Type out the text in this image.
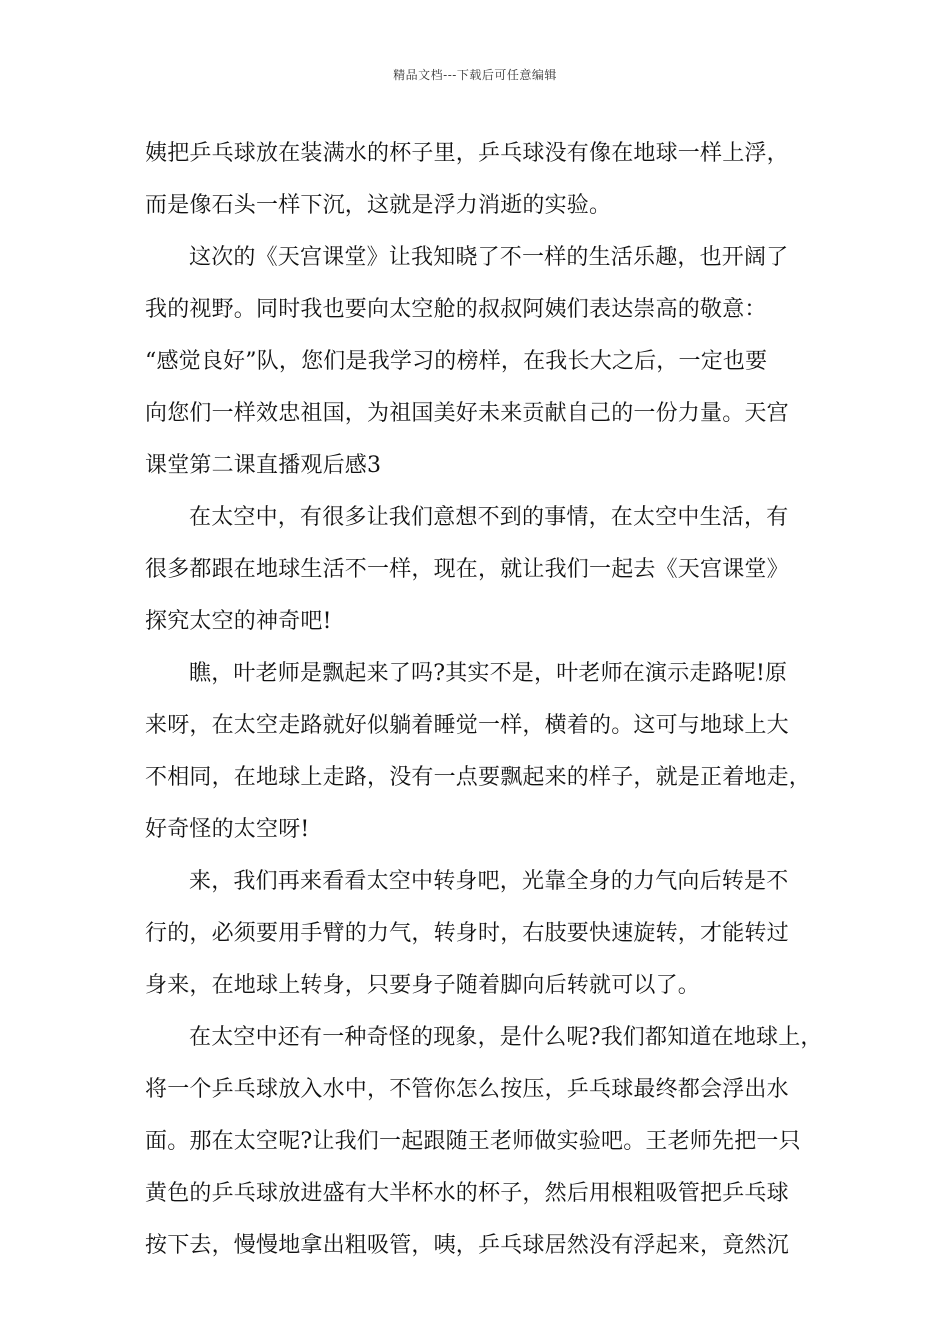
精品文档---下载后可任意编辑
姨把乒乓球放在装满水的杯子里，乒乓球没有像在地球一样上浮，
而是像石头一样下沉，这就是浮力消逝的实验。
这次的《天宫课堂》让我知晓了不一样的生活乐趣，也开阔了
我的视野。同时我也要向太空舱的叔叔阿姨们表达崇高的敬意：
“感觉良好”队，您们是我学习的榜样，在我长大之后，一定也要
向您们一样效忠祖国，为祖国美好未来贡献自己的一份力量。天宫
课堂第二课直播观后感3
在太空中，有很多让我们意想不到的事情，在太空中生活，有
很多都跟在地球生活不一样，现在，就让我们一起去《天宫课堂》
探究太空的神奇吧!
瞧，叶老师是飘起来了吗?其实不是，叶老师在演示走路呢!原
来呀，在太空走路就好似躺着睡觉一样，横着的。这可与地球上大
不相同，在地球上走路，没有一点要飘起来的样子，就是正着地走，
好奇怪的太空呀!
来，我们再来看看太空中转身吧，光靠全身的力气向后转是不
行的，必须要用手臂的力气，转身时，右肢要快速旋转，才能转过
身来，在地球上转身，只要身子随着脚向后转就可以了。
在太空中还有一种奇怪的现象，是什么呢?我们都知道在地球上，
将一个乒乓球放入水中，不管你怎么按压，乒乓球最终都会浮出水
面。那在太空呢?让我们一起跟随王老师做实验吧。王老师先把一只
黄色的乒乓球放进盛有大半杯水的杯子，然后用根粗吸管把乒乓球
按下去，慢慢地拿出粗吸管，咦，乒乓球居然没有浮起来，竟然沉
